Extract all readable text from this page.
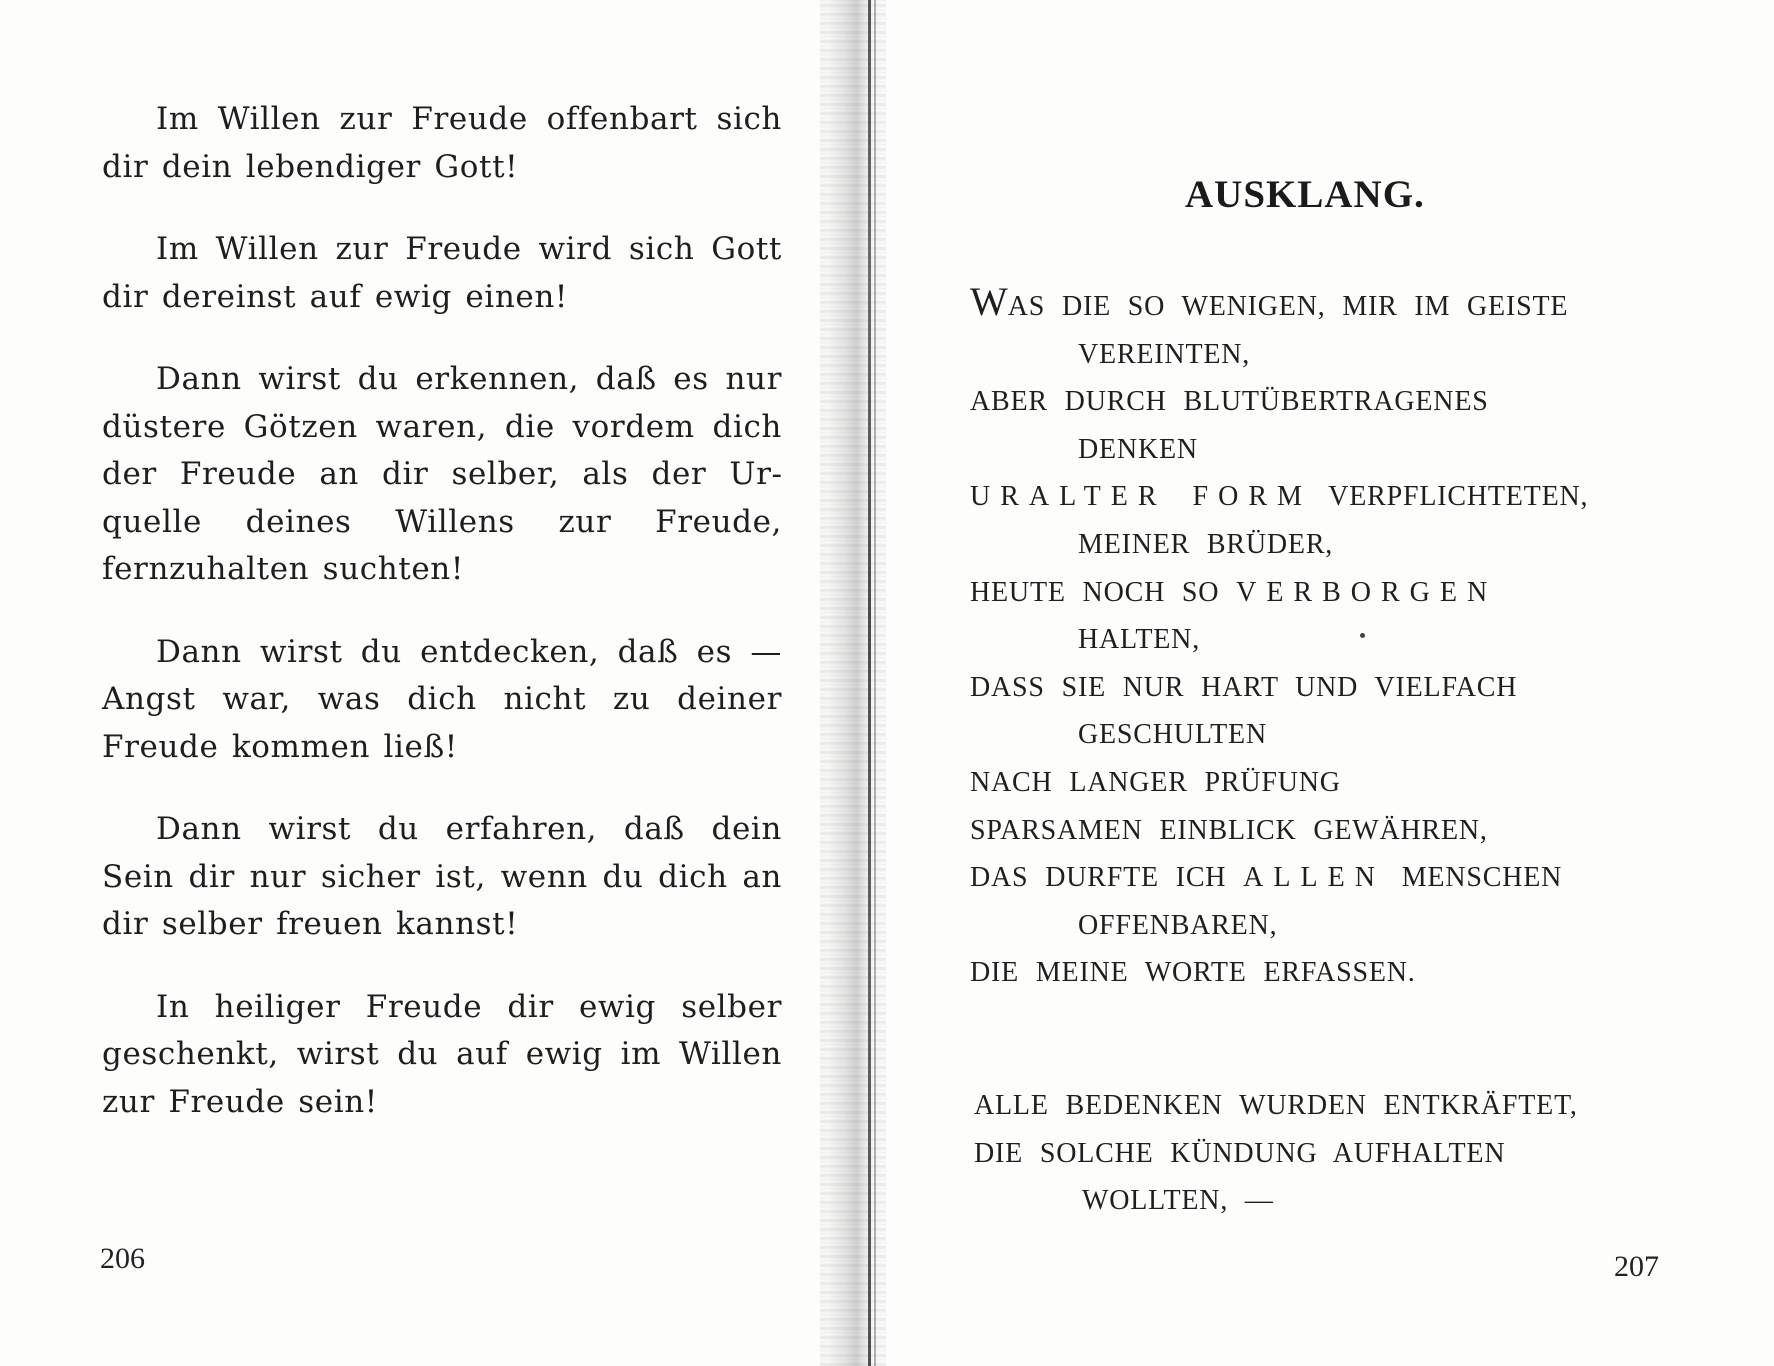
Im Willen zur Freude offenbart sich dir dein lebendiger Gott!

Im Willen zur Freude wird sich Gott dir dereinst auf ewig einen!

Dann wirst du erkennen, daß es nur düstere Götzen waren, die vordem dich der Freude an dir selber, als der Urquelle deines Willens zur Freude, fernzuhalten suchten!

Dann wirst du entdecken, daß es — Angst war, was dich nicht zu deiner Freude kommen ließ!

Dann wirst du erfahren, daß dein Sein dir nur sicher ist, wenn du dich an dir selber freuen kannst!

In heiliger Freude dir ewig selber geschenkt, wirst du auf ewig im Willen zur Freude sein!

206
AUSKLANG.
WAS DIE SO WENIGEN, MIR IM GEISTE
VEREINTEN,
ABER DURCH BLUTÜBERTRAGENES
DENKEN
URALTER FORM VERPFLICHTETEN,
MEINER BRÜDER,
HEUTE NOCH SO VERBORGEN
HALTEN,
DASS SIE NUR HART UND VIELFACH
GESCHULTEN
NACH LANGER PRÜFUNG
SPARSAMEN EINBLICK GEWÄHREN,
DAS DURFTE ICH ALLEN MENSCHEN
OFFENBAREN,
DIE MEINE WORTE ERFASSEN.
ALLE BEDENKEN WURDEN ENTKRÄFTET,
DIE SOLCHE KÜNDUNG AUFHALTEN
WOLLTEN, —
207
